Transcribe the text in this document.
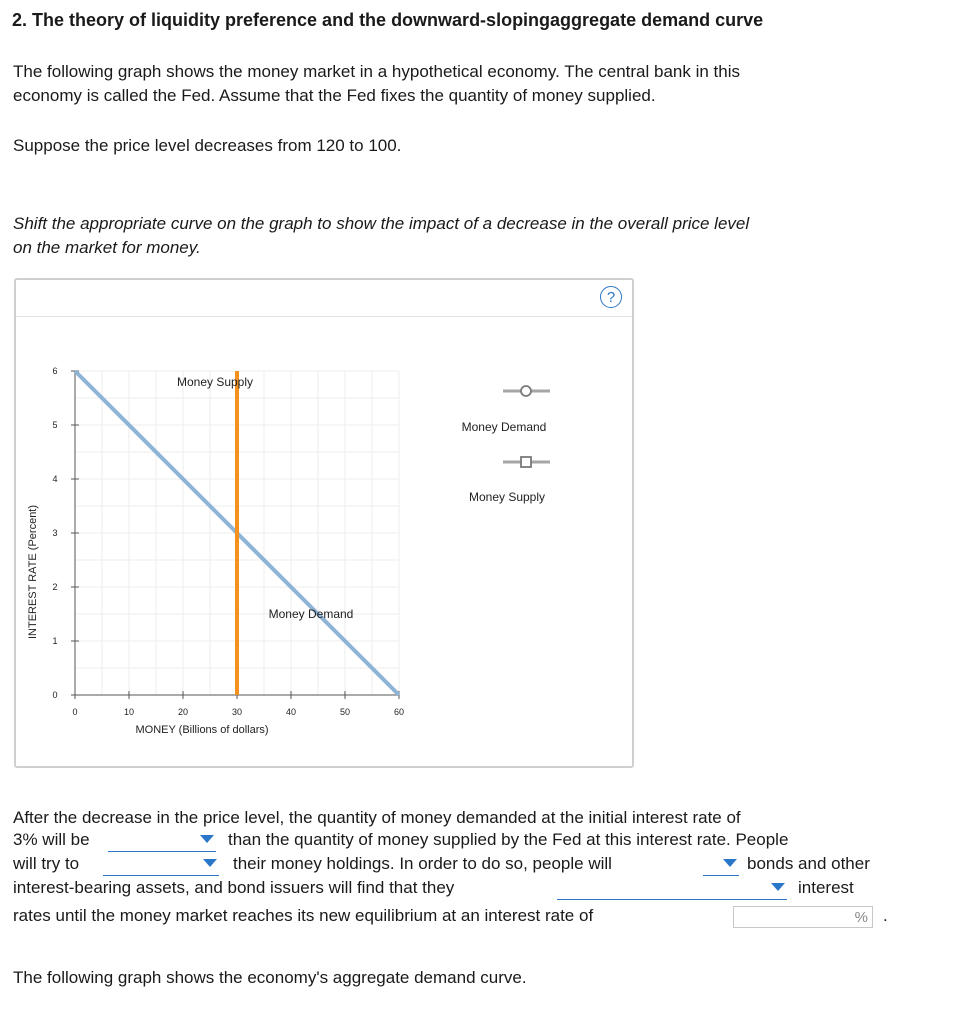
2. The theory of liquidity preference and the downward-slopingaggregate demand curve
The following graph shows the money market in a hypothetical economy. The central bank in this
economy is called the Fed. Assume that the Fed fixes the quantity of money supplied.
Suppose the price level decreases from 120 to 100.
Shift the appropriate curve on the graph to show the impact of a decrease in the overall price level
on the market for money.
?
0	10	20	30	40	50	60
0
1
2
3
4
5
6
MONEY (Billions of dollars)
INTEREST RATE (Percent)
Money Supply
Money Demand
Money Demand
Money Supply
After the decrease in the price level, the quantity of money demanded at the initial interest rate of
3% will be	than the quantity of money supplied by the Fed at this interest rate. People
will try to	their money holdings. In order to do so, people will	bonds and other
interest-bearing assets, and bond issuers will find that they	interest
rates until the money market reaches its new equilibrium at an interest rate of	% .
The following graph shows the economy's aggregate demand curve.
